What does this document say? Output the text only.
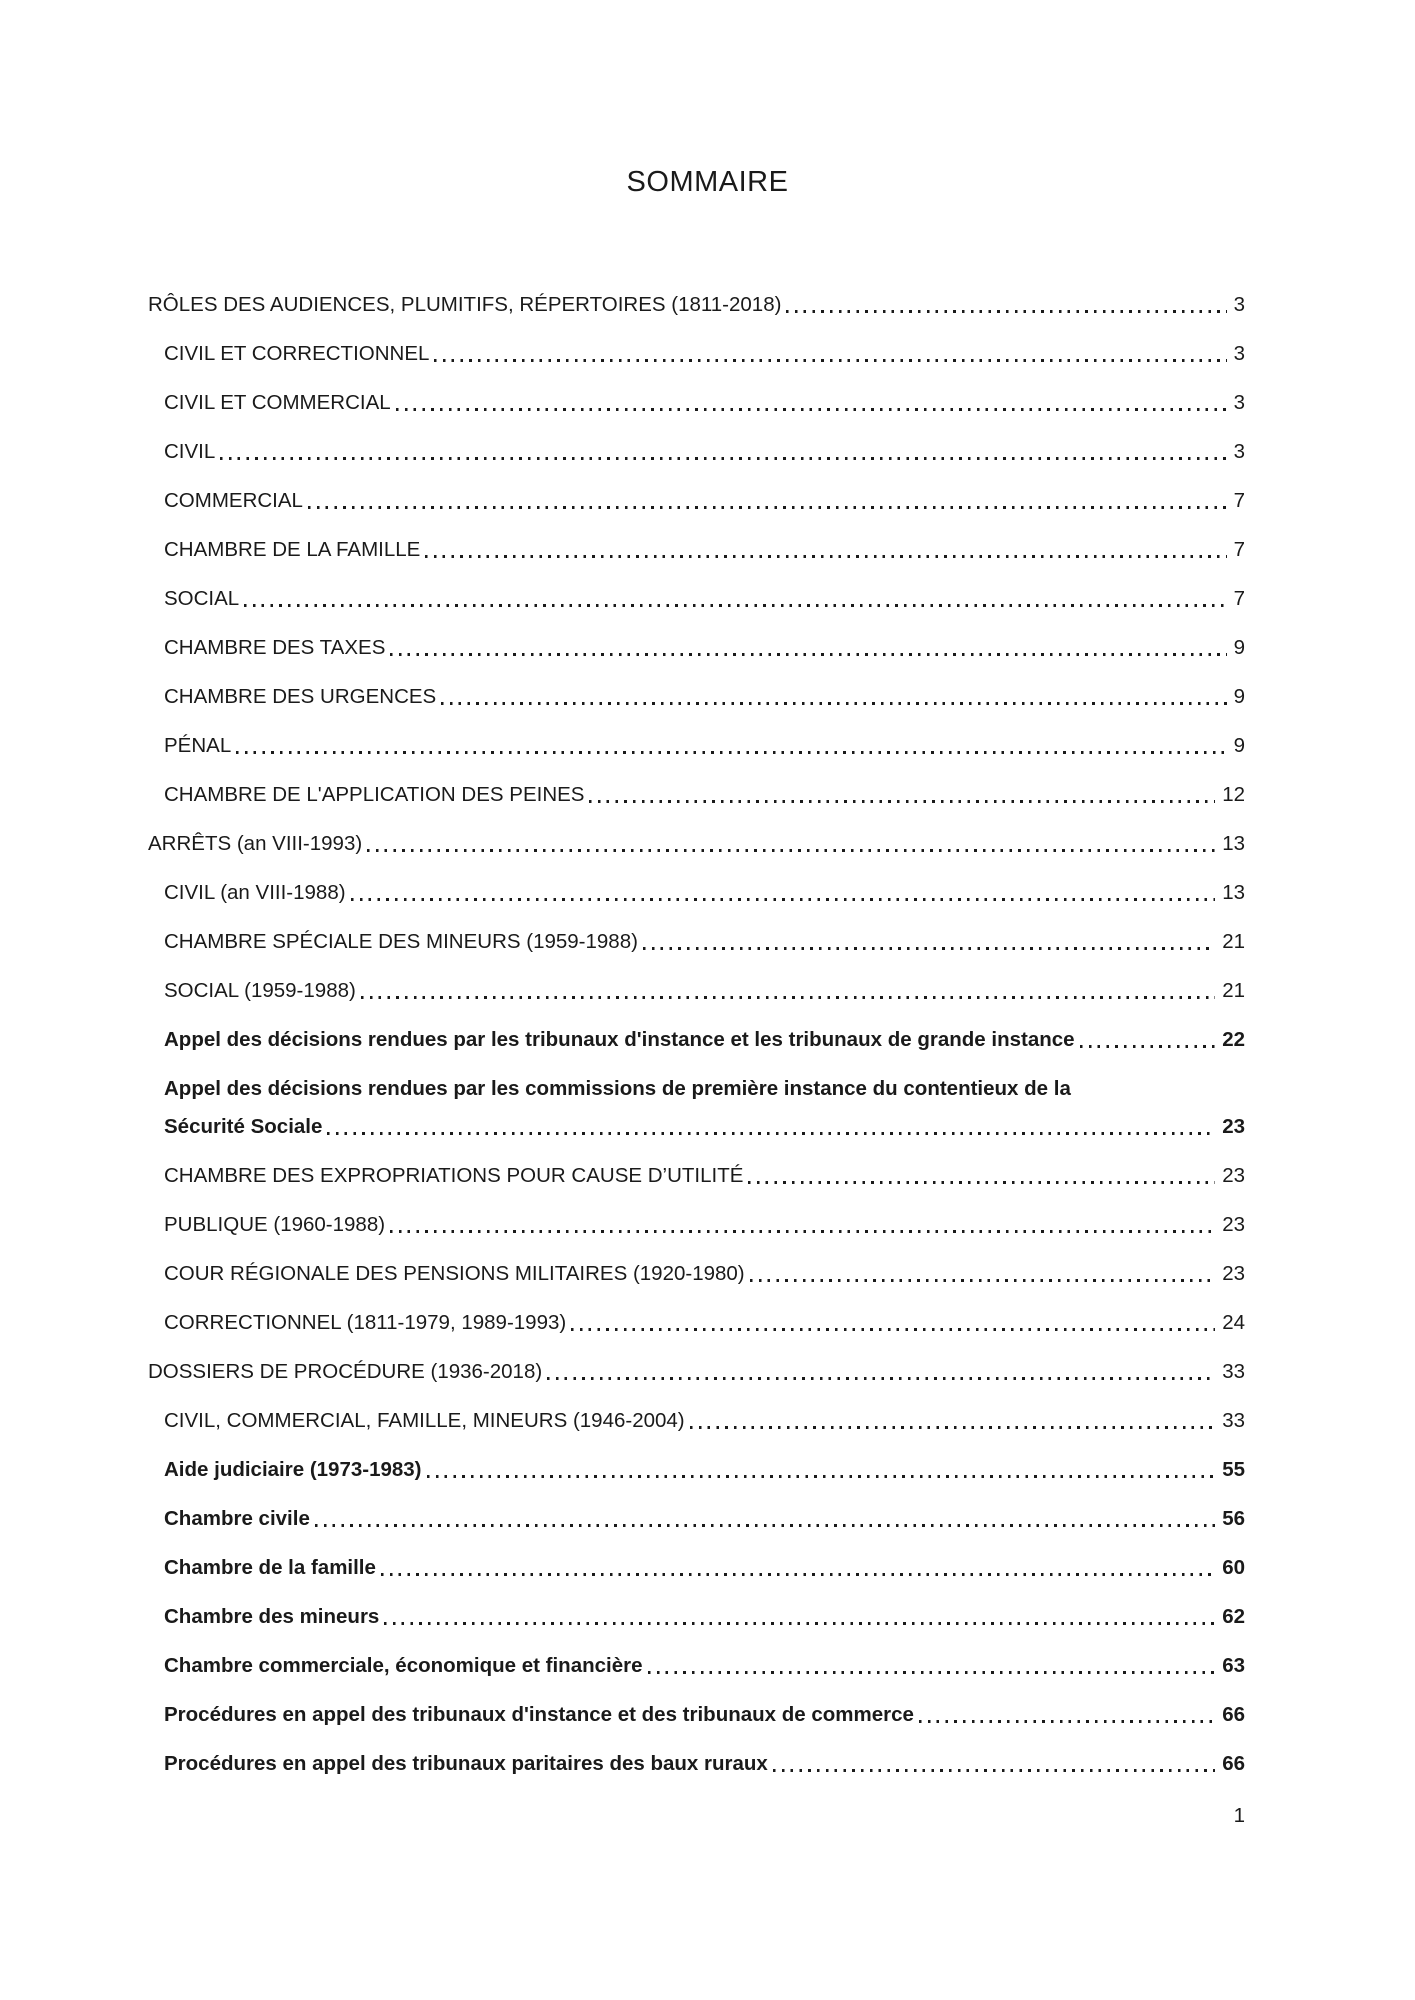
SOMMAIRE
RÔLES DES AUDIENCES, PLUMITIFS, RÉPERTOIRES (1811-2018)	3
CIVIL ET CORRECTIONNEL	3
CIVIL ET COMMERCIAL	3
CIVIL	3
COMMERCIAL	7
CHAMBRE DE LA FAMILLE	7
SOCIAL	7
CHAMBRE DES TAXES	9
CHAMBRE DES URGENCES	9
PÉNAL	9
CHAMBRE DE L'APPLICATION DES PEINES	12
ARRÊTS (an VIII-1993)	13
CIVIL (an VIII-1988)	13
CHAMBRE SPÉCIALE DES MINEURS (1959-1988)	21
SOCIAL (1959-1988)	21
Appel des décisions rendues par les tribunaux d'instance et les tribunaux de grande instance	22
Appel des décisions rendues par les commissions de première instance du contentieux de la
Sécurité Sociale	23
CHAMBRE DES EXPROPRIATIONS POUR CAUSE D’UTILITÉ	23
PUBLIQUE (1960-1988)	23
COUR RÉGIONALE DES PENSIONS MILITAIRES (1920-1980)	23
CORRECTIONNEL (1811-1979, 1989-1993)	24
DOSSIERS DE PROCÉDURE (1936-2018)	33
CIVIL, COMMERCIAL, FAMILLE, MINEURS (1946-2004)	33
Aide judiciaire (1973-1983)	55
Chambre civile	56
Chambre de la famille	60
Chambre des mineurs	62
Chambre commerciale, économique et financière	63
Procédures en appel des tribunaux d'instance et des tribunaux de commerce	66
Procédures en appel des tribunaux paritaires des baux ruraux	66
1
